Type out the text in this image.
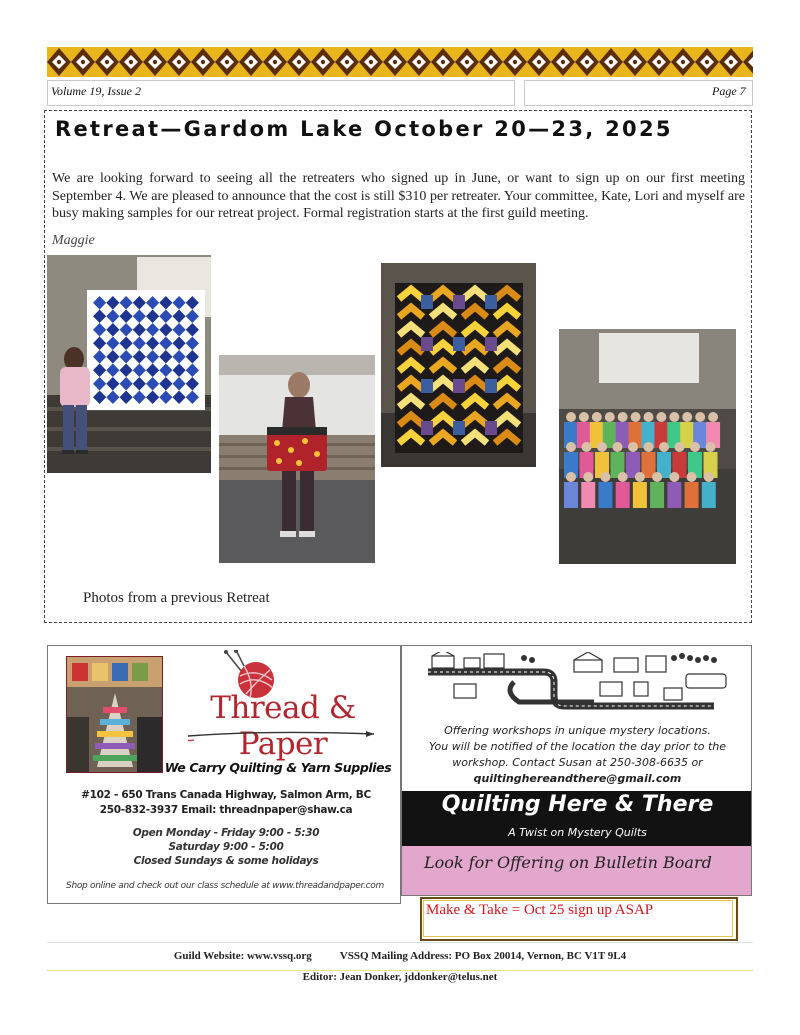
Volume 19, Issue 2	Page 7
Retreat—Gardom Lake October 20—23, 2025
We are looking forward to seeing all the retreaters who signed up in June, or want to sign up on our first meeting September 4. We are pleased to announce that the cost is still $310 per retreater. Your committee, Kate, Lori and myself are busy making samples for our retreat project. Formal registration starts at the first guild meeting.
Maggie
Photos from a previous Retreat
Thread & Paper
We Carry Quilting & Yarn Supplies
#102 - 650 Trans Canada Highway, Salmon Arm, BC
250-832-3937 Email: threadnpaper@shaw.ca
Open Monday - Friday 9:00 - 5:30
Saturday 9:00 - 5:00
Closed Sundays & some holidays
Shop online and check out our class schedule at www.threadandpaper.com
Offering workshops in unique mystery locations.
You will be notified of the location the day prior to the
workshop. Contact Susan at 250-308-6635 or
quiltinghereandthere@gmail.com
Quilting Here & There
A Twist on Mystery Quilts
Look for Offering on Bulletin Board
Make & Take = Oct 25 sign up ASAP
Guild Website: www.vssq.org	VSSQ Mailing Address: PO Box 20014, Vernon, BC V1T 9L4
Editor: Jean Donker, jddonker@telus.net
